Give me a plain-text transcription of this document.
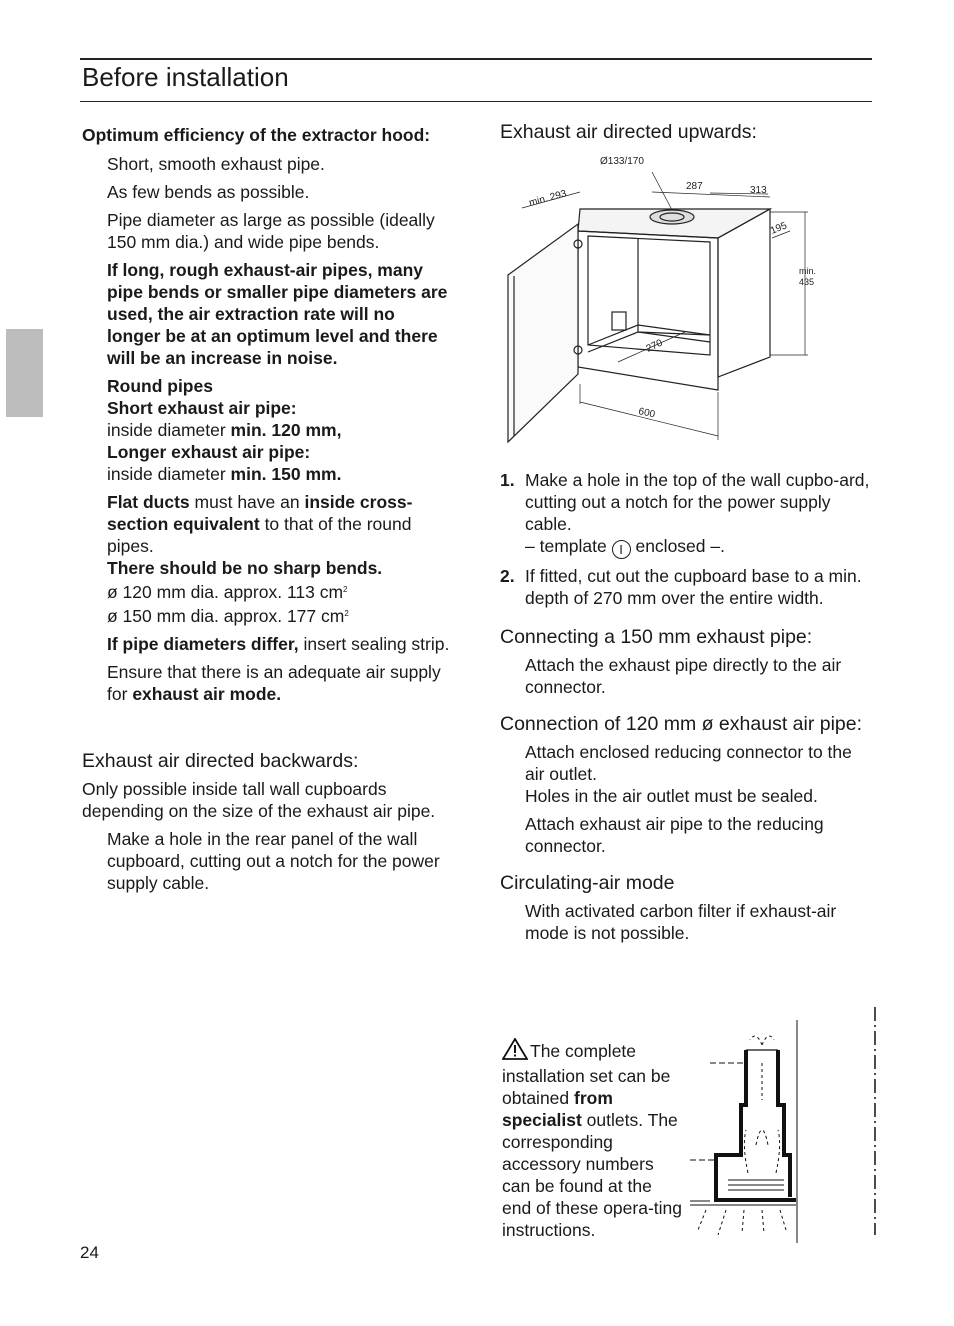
Before installation

Optimum efficiency of the extractor hood:

Short, smooth exhaust pipe.

As few bends as possible.

Pipe diameter as large as possible (ideally 150 mm dia.) and wide pipe bends.

If long, rough exhaust-air pipes, many pipe bends or smaller pipe diameters are used, the air extraction rate will no longer be at an optimum level and there will be an increase in noise.

Round pipes

Short exhaust air pipe:

inside diameter min. 120 mm,

Longer exhaust air pipe:

inside diameter min. 150 mm.

Flat ducts must have an inside cross-section equivalent to that of the round pipes.

There should be no sharp bends.

ø 120 mm dia. approx. 113 $cm^2$

ø 150 mm dia. approx. 177 $cm^2$

If pipe diameters differ, insert sealing strip.

Ensure that there is an adequate air supply for exhaust air mode.

Exhaust air directed backwards:

Only possible inside tall wall cupboards depending on the size of the exhaust air pipe.

Make a hole in the rear panel of the wall cupboard, cutting out a notch for the power supply cable.

Exhaust air directed upwards:
1. Make a hole in the top of the wall cupbo-ard, cutting out a notch for the power supply cable.

– template I enclosed –.

2. If fitted, cut out the cupboard base to a min. depth of 270 mm over the entire width.

Connecting a 150 mm exhaust pipe:

Attach the exhaust pipe directly to the air connector.

Connection of 120 mm ø exhaust air pipe:

Attach enclosed reducing connector to the air outlet.

Holes in the air outlet must be sealed.

Attach exhaust air pipe to the reducing connector.

Circulating-air mode

With activated carbon filter if exhaust-air mode is not possible.

Ø133/170
min. 293
287	313
195
min.
435
270
600

The complete installation set can be obtained from specialist outlets. The corresponding accessory numbers can be found at the end of these opera-ting instructions.

24
